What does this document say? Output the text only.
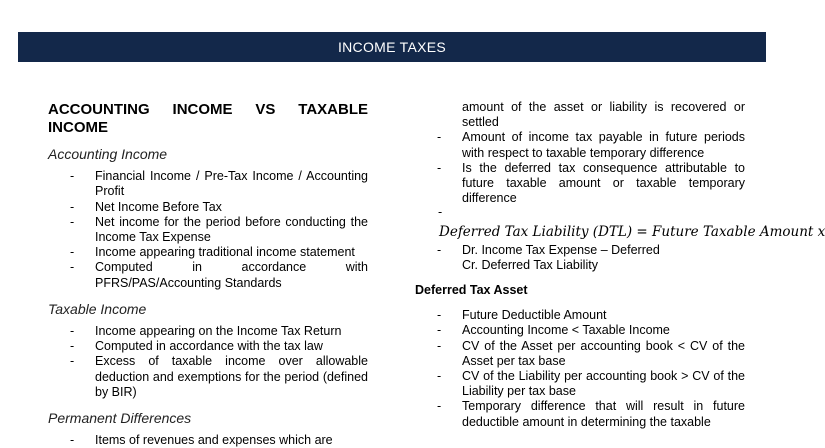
INCOME TAXES

ACCOUNTING INCOME VS TAXABLE INCOME

Accounting Income
- Financial Income / Pre-Tax Income / Accounting Profit
- Net Income Before Tax
- Net income for the period before conducting the Income Tax Expense
- Income appearing traditional income statement
- Computed in accordance with PFRS/PAS/Accounting Standards
Taxable Income
- Income appearing on the Income Tax Return
- Computed in accordance with the tax law
- Excess of taxable income over allowable deduction and exemptions for the period (defined by BIR)
Permanent Differences
- Items of revenues and expenses which are
amount of the asset or liability is recovered or settled
- Amount of income tax payable in future periods with respect to taxable temporary difference
- Is the deferred tax consequence attributable to future taxable amount or taxable temporary difference
-
Deferred Tax Liability (DTL) = Future Taxable Amount x
- Dr. Income Tax Expense – Deferred
Cr. Deferred Tax Liability
Deferred Tax Asset
- Future Deductible Amount
- Accounting Income < Taxable Income
- CV of the Asset per accounting book < CV of the Asset per tax base
- CV of the Liability per accounting book > CV of the Liability per tax base
- Temporary difference that will result in future deductible amount in determining the taxable
